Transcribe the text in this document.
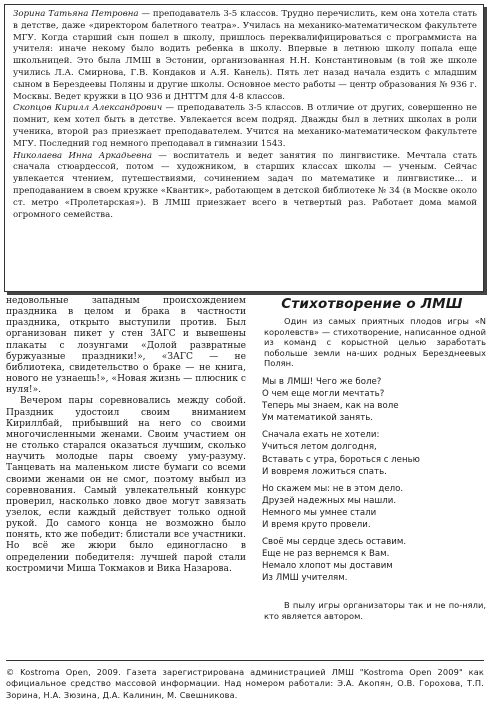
Зорина Татьяна Петровна — преподаватель 3-5 классов. Трудно перечислить, кем она хотела стать в детстве, даже «директором балетного театра». Училась на механико-математическом факультете МГУ. Когда старший сын пошел в школу, пришлось переквалифицироваться с программиста на учителя: иначе некому было водить ребенка в школу. Впервые в летнюю школу попала еще школьницей. Это была ЛМШ в Эстонии, организованная Н.Н. Константиновым (в той же школе учились Л.А. Смирнова, Г.В. Кондаков и А.Я. Канель). Пять лет назад начала ездить с младшим сыном в Берездеевы Поляны и другие школы. Основное место работы — центр образования № 936 г. Москвы. Ведет кружки в ЦО 936 и ДНТТМ для 4-8 классов.

Скопцов Кирилл Александрович — преподаватель 3-5 классов. В отличие от других, совершенно не помнит, кем хотел быть в детстве. Увлекается всем подряд. Дважды был в летних школах в роли ученика, второй раз приезжает преподавателем. Учится на механико-математическом факультете МГУ. Последний год немного преподавал в гимназии 1543.

Николаева Инна Аркадьевна — воспитатель и ведет занятия по лингвистике. Мечтала стать сначала стюардессой, потом — художником, в старших классах школы — ученым. Сейчас увлекается чтением, путешествиями, сочинением задач по математике и лингвистике… и преподаванием в своем кружке «Квантик», работающем в детской библиотеке № 34 (в Москве около ст. метро «Пролетарская»). В ЛМШ приезжает всего в четвертый раз. Работает дома мамой огромного семейства.

недовольные западным происхождением праздника в целом и брака в частности праздника, открыто выступили против. Был организован пикет у стен ЗАГС и вывешены плакаты с лозунгами «Долой развратные буржуазные праздники!», «ЗАГС — не библиотека, свидетельство о браке — не книга, нового не узнаешь!», «Новая жизнь — плюсник с нуля!».

Вечером пары соревновались между собой. Праздник удостоил своим вниманием Кириллбай, прибывший на него со своими многочисленными женами. Своим участием он не столько старался оказаться лучшим, сколько научить молодые пары своему уму-разуму. Танцевать на маленьком листе бумаги со всеми своими женами он не смог, поэтому выбыл из соревнования. Самый увлекательный конкурс проверил, насколько ловко двое могут завязать узелок, если каждый действует только одной рукой. До самого конца не возможно было понять, кто же победит: блистали все участники. Но всё же жюри было единогласно в определении победителя: лучшей парой стали костромичи Миша Токмаков и Вика Назарова.

Стихотворение о ЛМШ
Один из самых приятных плодов игры «N королевств» — стихотворение, написанное одной из команд с корыстной целью заработать побольше земли на-ших родных Березднеевых Полян.
Мы в ЛМШ! Чего же боле?
О чем еще могли мечтать?
Теперь мы знаем, как на воле
Ум математикой занять.
Сначала ехать не хотели:
Учиться летом долгодня,
Вставать с утра, бороться с ленью
И вовремя ложиться спать.
Но скажем мы: не в этом дело.
Друзей надежных мы нашли.
Немного мы умнее стали
И время круто провели.
Своё мы сердце здесь оставим.
Еще не раз вернемся к Вам.
Немало хлопот мы доставим
Из ЛМШ учителям.
В пылу игры организаторы так и не по-няли, кто является автором.
© Kostroma Open, 2009. Газета зарегистрирована администрацией ЛМШ "Kostroma Open 2009" как официальное средство массовой информации. Над номером работали: Э.А. Акопян, О.В. Горохова, Т.П. Зорина, Н.А. Зюзина, Д.А. Калинин, М. Свешникова.
